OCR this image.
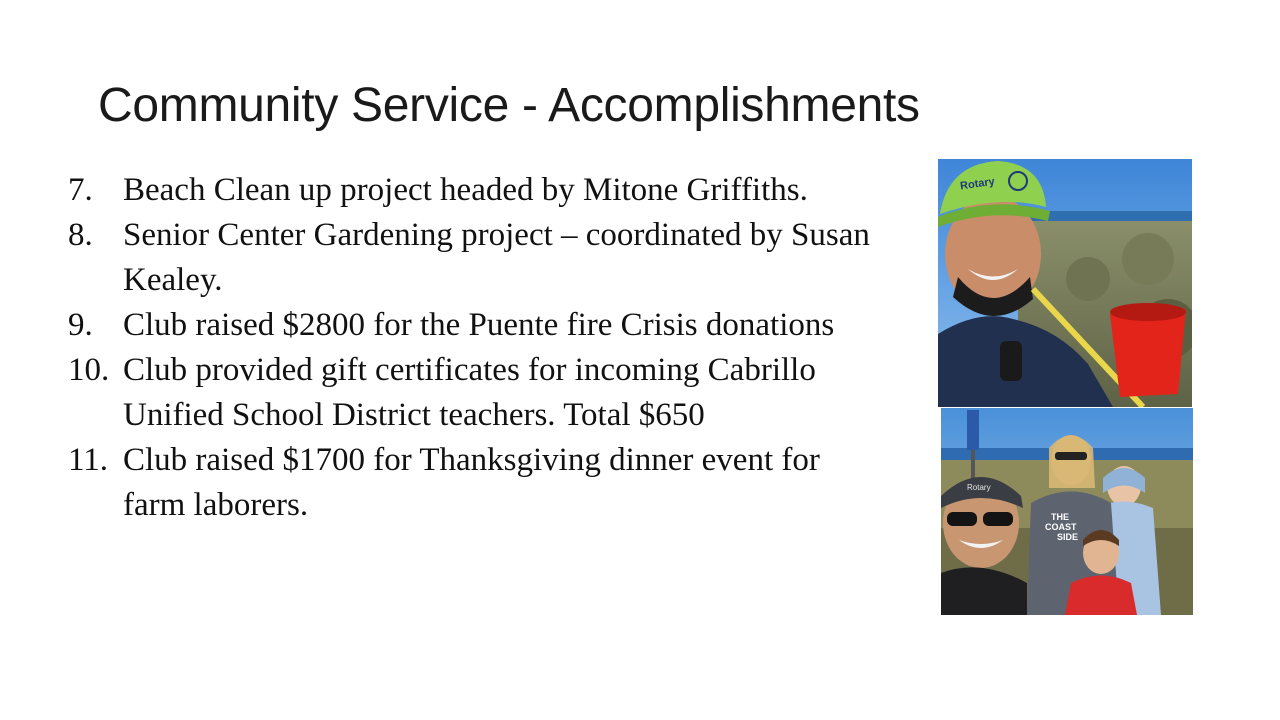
Community Service - Accomplishments
7. Beach Clean up project headed by Mitone Griffiths.
8. Senior Center Gardening project – coordinated by Susan Kealey.
9. Club raised $2800 for the Puente fire Crisis donations
10. Club provided gift certificates for incoming Cabrillo Unified School District teachers. Total $650
11. Club raised $1700 for Thanksgiving dinner event for farm laborers.
Rotary
THE
COAST
SIDE
Rotary
